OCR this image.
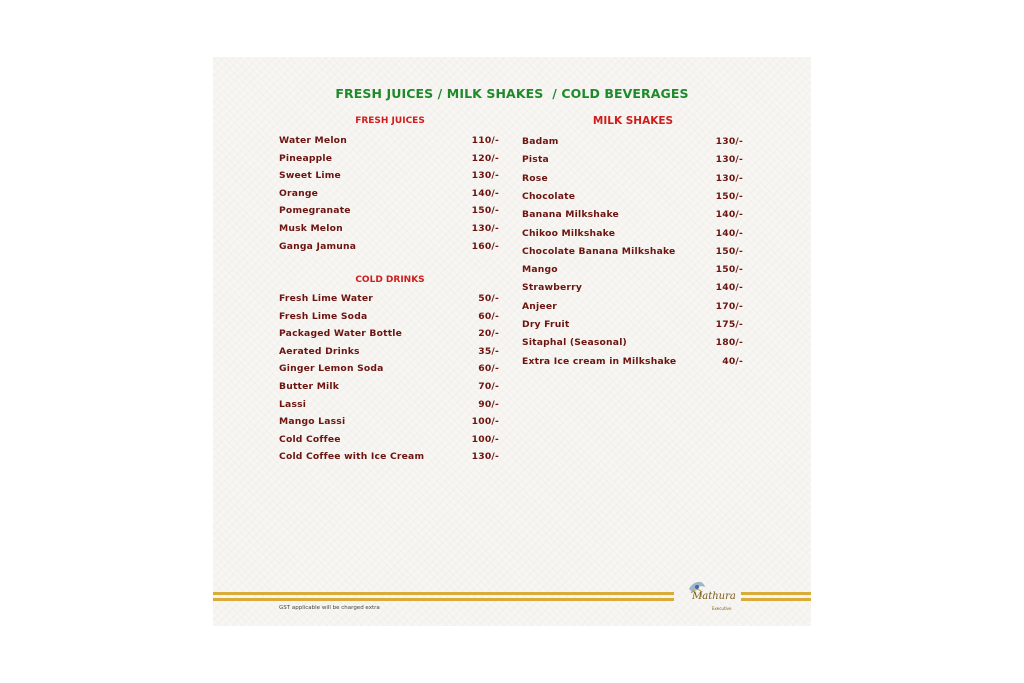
FRESH JUICES / MILK SHAKES  / COLD BEVERAGES
FRESH JUICES
Water Melon	110/-
Pineapple	120/-
Sweet Lime	130/-
Orange	140/-
Pomegranate	150/-
Musk Melon	130/-
Ganga Jamuna	160/-
COLD DRINKS
Fresh Lime Water	50/-
Fresh Lime Soda	60/-
Packaged Water Bottle	20/-
Aerated Drinks	35/-
Ginger Lemon Soda	60/-
Butter Milk	70/-
Lassi	90/-
Mango Lassi	100/-
Cold Coffee	100/-
Cold Coffee with Ice Cream	130/-
MILK SHAKES
Badam	130/-
Pista	130/-
Rose	130/-
Chocolate	150/-
Banana Milkshake	140/-
Chikoo Milkshake	140/-
Chocolate Banana Milkshake	150/-
Mango	150/-
Strawberry	140/-
Anjeer	170/-
Dry Fruit	175/-
Sitaphal (Seasonal)	180/-
Extra Ice cream in Milkshake	40/-
GST applicable will be charged extra
Mathura
Executive
